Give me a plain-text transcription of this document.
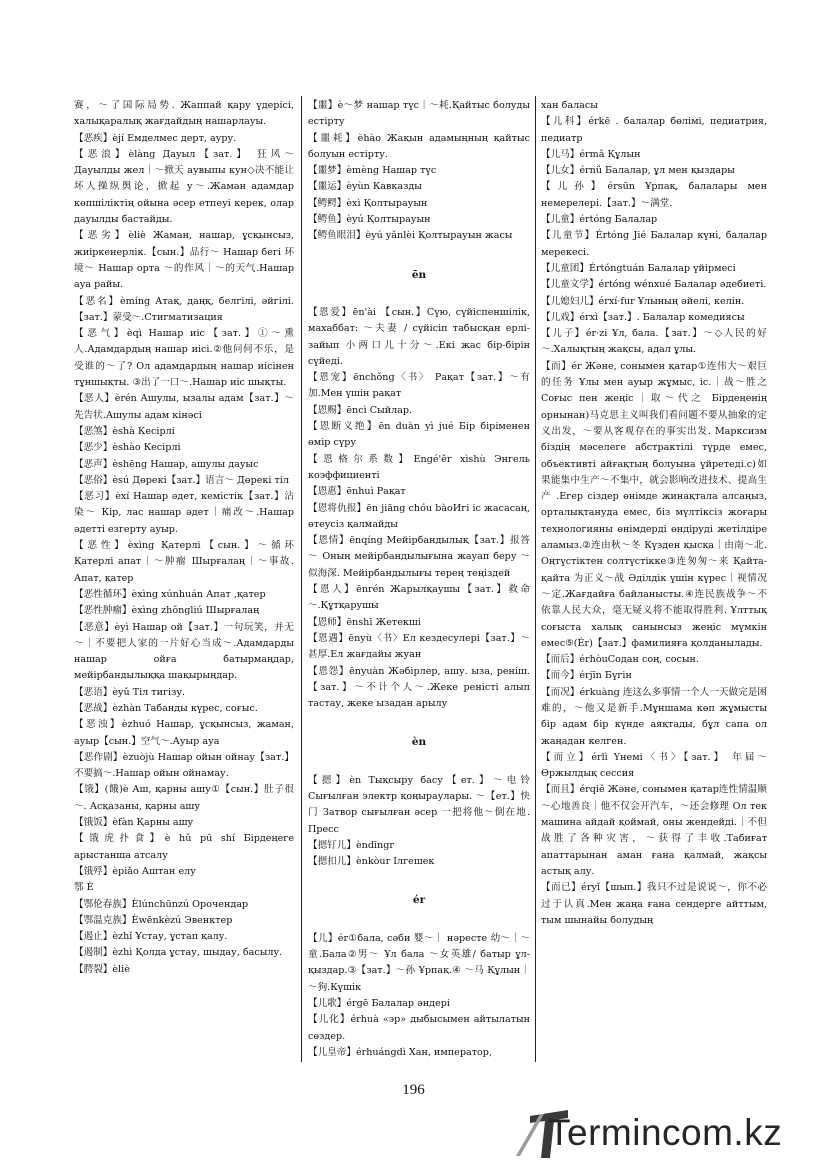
赛，～了国际局势. Жаппай қару үдерісі, халықаралық жағдайдың нашарлауы.

【恶疾】èjí Емделмес дерт, ауру.

【恶浪】èlàng Дауыл【зат.】 狂风～ Дауылды жел｜～掀天 аувыпы кун◇决不能让坏人操纵舆论，掀起 у～.Жаман адамдар көпшіліктің ойына әсер етпеуі керек, олар дауылды бастайды.

【恶劣】èliè Жаман, нашар, ұсқынсыз, жиіркенерлік.【сын.】品行～ Нашар бегі 环境～ Нашар орта ～的作风｜～的天气.Нашар ауа райы.

【恶名】èmíng Атақ, даңқ, белгілі, әйгілі.【зат.】蒙受～.Стигматизация

【恶气】èqì Нашар иіс【зат.】①～熏人.Адамдардың нашар иісі.②他问何不乐，是受谁的～了? Ол адамдардың нашар иісінен тұншықты. ③出了一口～.Нашар иіс шықты.

【恶人】èrén Ашулы, ызалы адам【зат.】～先告状.Ашулы адам кінәсі

【恶煞】èshà Кесірлі

【恶少】èshào Кесірлі

【恶声】èshēng Нашар, ашулы дауыс

【恶俗】èsú Дөрекі【зат.】语言～ Дөрекі тіл

【恶习】èxí Нашар әдет, кемістік【зат.】沾染～ Кір, лас нашар әдет｜痛改～.Нашар әдетті езгерту ауыр.

【恶性】èxìng Қатерлі【сын.】～循环 Қатерлі апат｜～肿瘤 Шырғалаң｜～事故. Апат, қатер

【恶性循环】èxìng xúnhuán Апат ,қатер

【恶性肿瘤】èxìng zhǒngliú Шырғалаң

【恶意】èyì Нашар ой【зат.】一句玩笑，并无～｜不要把人家的一片好心当成～.Адамдарды нашар ойға батырмаңдар, мейірбандылыққа шақырыңдар.

【恶语】èyǔ Тіл тигізу.

【恶战】èzhàn Табанды күрес, соғыс.

【恶浊】èzhuó Нашар, ұсқынсыз, жаман, ауыр【сын.】空气～.Ауыр ауа

【恶作剧】èzuòjù Нашар ойын ойнау【зат.】不要搞～.Нашар ойын ойнамау.

【饿】(餓)è Аш, қарны ашу①【сын.】肚子很～. Асқазаны, қарны ашу

【饿饭】èfàn Қарны ашу

【饿虎扑食】è hǔ pū shí Бірдеңеге арыстанша атсалу

【饿殍】èpiǎo Аштан елу

鄂 È

【鄂伦春族】Èlúnchūnzú Орочендар

【鄂温克族】Èwēnkèzú Эвенктер

【遏止】èzhǐ Ұстау, ұстап қалу.

【遏制】èzhì Қолда ұстау, шыдау, басылу.

【腭裂】èliè

【噩】è～梦 нашар түс｜～耗.Қайтыс болуды естірту

【噩耗】èhào Жақын адамыңның қайтыс болуын естірту.

【噩梦】èmèng Нашар түс

【噩运】èyùn Кавказды

【鳄鳄】èxì Қолтырауын

【鳄鱼】èyú Қолтырауын

【鳄鱼眼泪】èyú yǎnlèi Қолтырауын жасы

ēn

【恩爱】ēn'ài 【сын.】Сүю, сүйіспеншілік, махаббат: ～夫妻 / сүйісіп табысқан ерлі-зайып 小两口儿十分～.Екі жас бір-бірін сүйеді.

【恩宠】ēnchǒng〈书〉 Рақат【зат.】～有加.Мен үшін рақат

【恩赐】ēncì Сыйлар.

【恩断义绝】ēn duàn yì jué Бір біріменен өмір сүру

【恩格尔系数】Engé'ěr xìshù Энгель коэффициенті

【恩惠】ēnhuì Рақат

【恩将仇报】ēn jiāng chóu bàoИгі іс жасасаң, өтеусіз қалмайды

【恩情】ēnqíng Мейірбандылық【зат.】报答～ Оның мейірбандылығына жауап беру ～似海深. Мейірбандылығы терең теңіздей

【恩人】ēnrén Жарылқаушы【зат.】救命～.Құтқарушы

【恩师】ēnshī Жетекші

【恩遇】ēnyù〈书〉Ел кездесулері【зат.】～甚厚.Ел жағдайы жуан

【恩怨】ēnyuàn Жәбірлер, ашу. ыза, реніш.【зат.】～不计个人～.Жеке реністі алып тастау, жеке ызадан арылу

èn

【摁】èn Тықсыру басу【ет.】～电铃 Сығылған электр қоңыраулары. ～【ет.】快门 Затвор сығылған әсер 一把将他～倒在地. Пресс

【摁钉儿】èndīngr

【摁扣儿】ènkòur Ілгешек

ér

【儿】ér①бала, сәби 婴～｜ нәресте 幼～｜～童.Бала②男～ Ұл бала ～女英雄/ батыр ұл-қыздар.③【зат.】～孙 Ұрпақ.④ ～马 Құлын｜～狗.Күшік

【儿歌】érgē Балалар әндері

【儿化】érhuà «эр» дыбысымен айтылатын сөздер.

【儿皇帝】érhuángdì Хан, император,

хан баласы

【儿科】érkē . балалар бөлімі, педиатрия, педиатр

【儿马】érmǎ Құлын

【儿女】érnǚ Балалар, ұл мен қыздары

【儿孙】érsūn Ұрпақ, балалары мен немерелері.【зат.】～满堂.

【儿童】értóng Балалар

【儿童节】Értóng Jié Балалар күні, балалар мерекесі.

【儿童团】Értóngtuán Балалар үйірмесі

【儿童文学】értóng wénxué Балалар әдебиеті.

【儿媳妇儿】érxí·fur Ұлының әйелі, келін.

【儿戏】érxì【зат.】. Балалар комедиясы

【儿子】ér·zi Ұл, бала.【зат.】～◇人民的好～.Халықтың жақсы, адал ұлы.

【而】ér Және, сонымен қатар①连伟大～艰巨的任务 Ұлы мен ауыр жұмыс, іс.｜战～胜之 Соғыс пен жеңіс｜取～代之 Бірдеңенің орнынан)马克思主义叫我们看问题不要从抽象的定义出发，～要从客观存在的事实出发. Марксизм біздің мәселеге абстрактілі түрде емес, объективті айғақтың болуына үйретеді.с)如果能集中生产～不集中，就会影响改进技术、提高生产 .Егер сіздер өнімде жинақтала алсаңыз, орталықтануда емес, біз мүлтіксіз жоғары технологияны өнімдерді өндіруді жетілдіре аламыз.②连由秋～冬 Күзден қысқа｜由南～北. Оңтүстіктен солтүстікке③连匆匆～来 Қайта-қайта 为正义～战 Әділдік үшін күрес｜视情况～定.Жағдайға байланысты.④连民族战争～不依靠人民大众，毫无疑义将不能取得胜利. Ұлттық соғыста халық санынсыз жеңіс мүмкін емес⑤(Ér)【зат.】фамилияға қолданылады.

【而后】érhòuСодан соң, сосын.

【而今】érjīn Бүгін

【而况】érkuàng 连这么多事情一个人一天做完是困难的，～他又是新手.Мұншама көп жұмысты бір адам бір күнде аяқтады, бұл сапа ол жаңадан келген.

【而立】érlì Үнемі〈书〉【зат.】 年届～ Өржылдық сессия

【而且】érqiě Және, сонымен қатар连性情温顺～心地善良｜他不仅会开汽车，～还会修理 Ол тек машина айдай қоймай, оны жендейді.｜不但战胜了各种灾害，～获得了丰收.Табиғат апаттарынан аман ғана қалмай, жақсы астық алу.

【而已】éryǐ【шып.】我只不过是说说～，你不必过于认真.Мен жаңа ғана сендерге айттым, тым шынайы болудың

196
Termincom.kz
